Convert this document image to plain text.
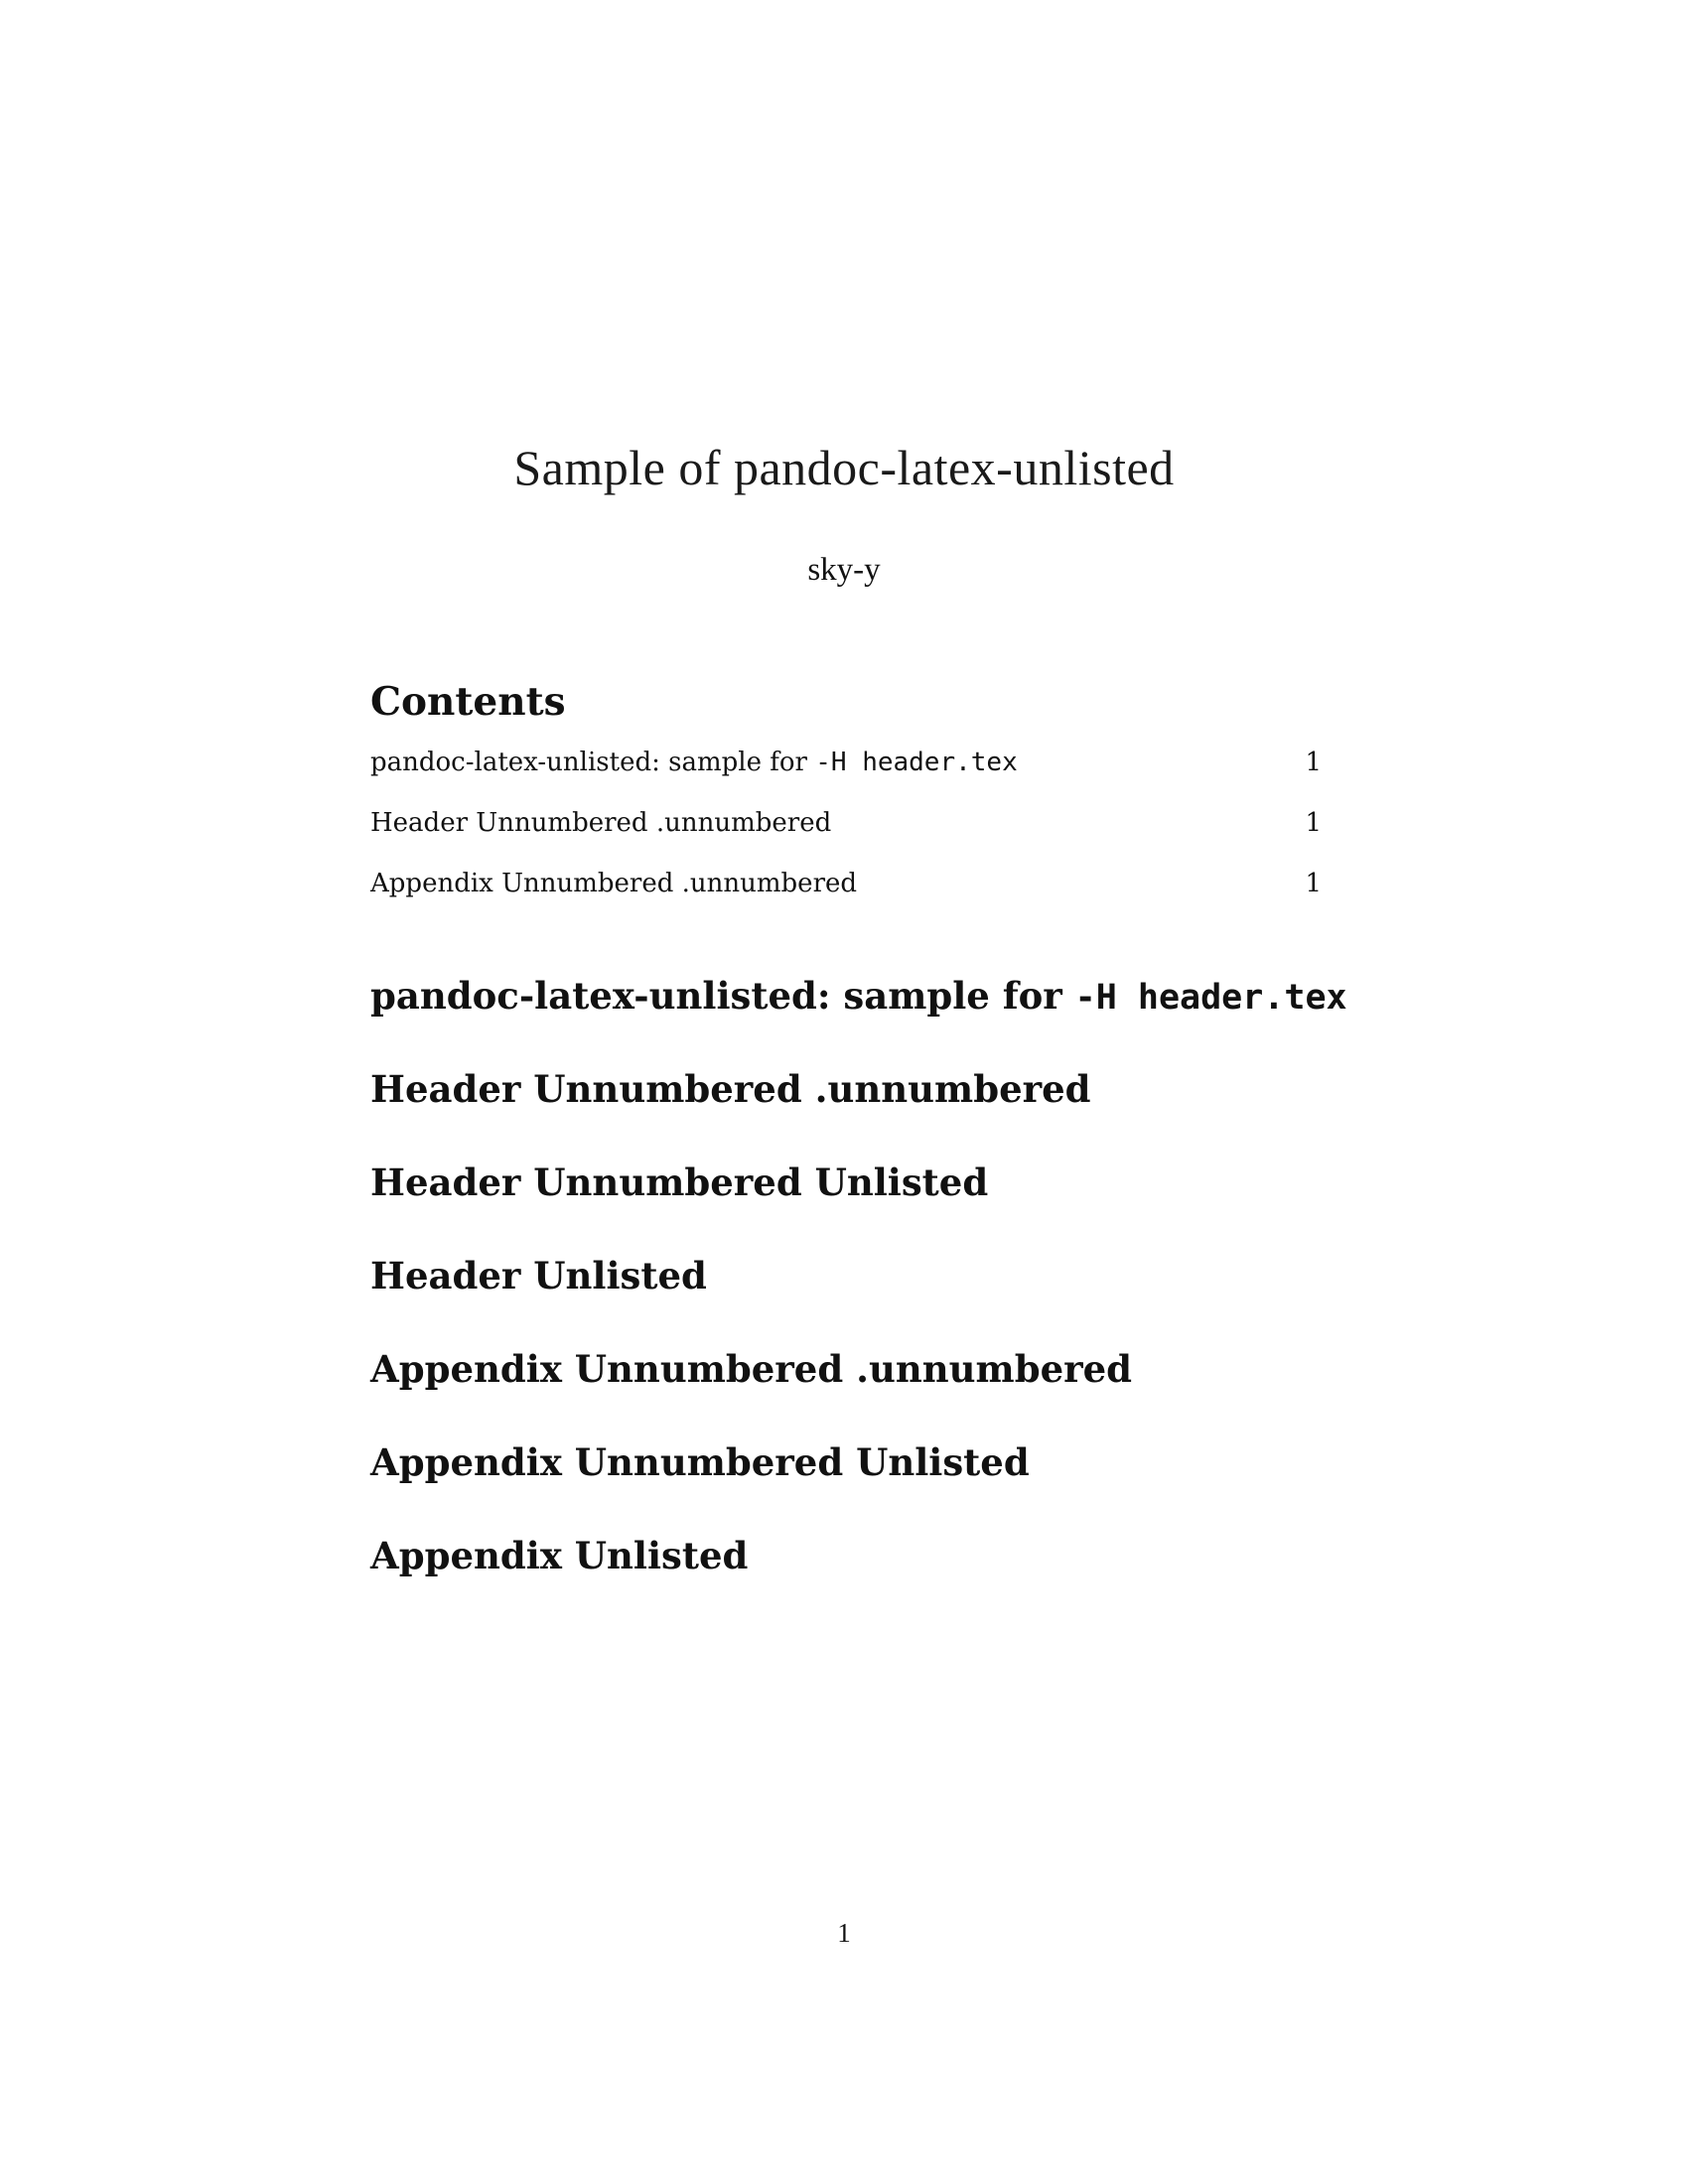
Sample of pandoc-latex-unlisted
sky-y
Contents
pandoc-latex-unlisted: sample for -H header.tex	1
Header Unnumbered .unnumbered	1
Appendix Unnumbered .unnumbered	1
pandoc-latex-unlisted: sample for -H header.tex
Header Unnumbered .unnumbered
Header Unnumbered Unlisted
Header Unlisted
Appendix Unnumbered .unnumbered
Appendix Unnumbered Unlisted
Appendix Unlisted
1
